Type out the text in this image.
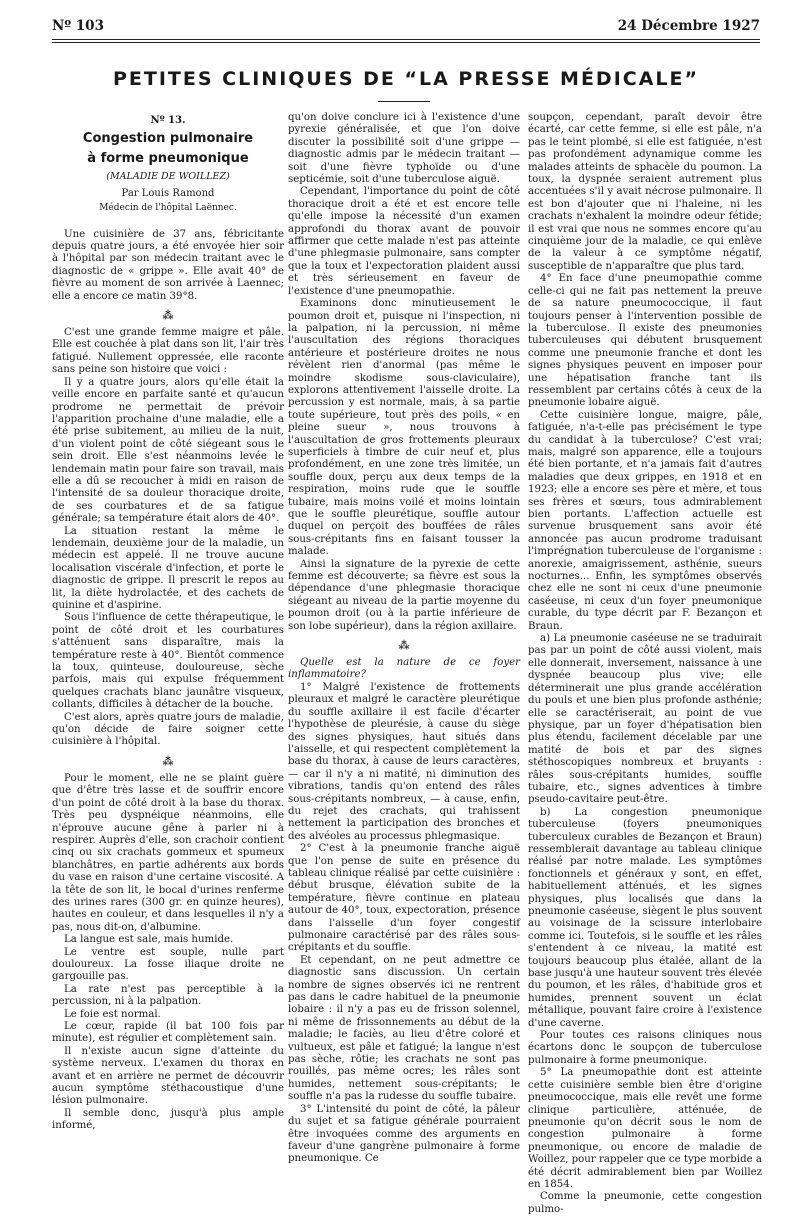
Nº 103	24 Décembre 1927
PETITES CLINIQUES DE “LA PRESSE MÉDICALE”
Nº 13.
Congestion pulmonaire
à forme pneumonique
(MALADIE DE WOILLEZ)
Par Louis Ramond
Médecin de l'hôpital Laënnec.

Une cuisinière de 37 ans, fébricitante depuis quatre jours, a été envoyée hier soir à l'hôpital par son médecin traitant avec le diagnostic de « grippe ». Elle avait 40° de fièvre au moment de son arrivée à Laennec; elle a encore ce matin 39°8.

⁂

C'est une grande femme maigre et pâle. Elle est couchée à plat dans son lit, l'air très fatigué. Nullement oppressée, elle raconte sans peine son histoire que voici :

Il y a quatre jours, alors qu'elle était la veille encore en parfaite santé et qu'aucun prodrome ne permettait de prévoir l'apparition prochaine d'une maladie, elle a été prise subitement, au milieu de la nuit, d'un violent point de côté siégeant sous le sein droit. Elle s'est néanmoins levée le lendemain matin pour faire son travail, mais elle a dû se recoucher à midi en raison de l'intensité de sa douleur thoracique droite, de ses courbatures et de sa fatigue générale; sa température était alors de 40°.

La situation restant la même le lendemain, deuxième jour de la maladie, un médecin est appelé. Il ne trouve aucune localisation viscérale d'infection, et porte le diagnostic de grippe. Il prescrit le repos au lit, la diète hydrolactée, et des cachets de quinine et d'aspirine.

Sous l'influence de cette thérapeutique, le point de côté droit et les courbatures s'atténuent sans disparaître, mais la température reste à 40°. Bientôt commence la toux, quinteuse, douloureuse, sèche parfois, mais qui expulse fréquemment quelques crachats blanc jaunâtre visqueux, collants, difficiles à détacher de la bouche.

C'est alors, après quatre jours de maladie, qu'on décide de faire soigner cette cuisinière à l'hôpital.

⁂

Pour le moment, elle ne se plaint guère que d'être très lasse et de souffrir encore d'un point de côté droit à la base du thorax. Très peu dyspnéique néanmoins, elle n'éprouve aucune gêne à parler ni à respirer. Auprès d'elle, son crachoir contient cinq ou six crachats gommeux et spumeux blanchâtres, en partie adhérents aux bords du vase en raison d'une certaine viscosité. A la tête de son lit, le bocal d'urines renferme des urines rares (300 gr. en quinze heures), hautes en couleur, et dans lesquelles il n'y a pas, nous dit-on, d'albumine.

La langue est sale, mais humide.

Le ventre est souple, nulle part douloureux. La fosse iliaque droite ne gargouille pas.

La rate n'est pas perceptible à la percussion, ni à la palpation.

Le foie est normal.

Le cœur, rapide (il bat 100 fois par minute), est régulier et complètement sain.

Il n'existe aucun signe d'atteinte du système nerveux. L'examen du thorax en avant et en arrière ne permet de découvrir aucun symptôme stéthacoustique d'une lésion pulmonaire.

Il semble donc, jusqu'à plus ample informé,

qu'on doive conclure ici à l'existence d'une pyrexie généralisée, et que l'on doive discuter la possibilité soit d'une grippe — diagnostic admis par le médecin traitant — soit d'une fièvre typhoïde ou d'une septicémie, soit d'une tuberculose aiguë.

Cependant, l'importance du point de côté thoracique droit a été et est encore telle qu'elle impose la nécessité d'un examen approfondi du thorax avant de pouvoir affirmer que cette malade n'est pas atteinte d'une phlegmasie pulmonaire, sans compter que la toux et l'expectoration plaident aussi et très sérieusement en faveur de l'existence d'une pneumopathie.

Examinons donc minutieusement le poumon droit et, puisque ni l'inspection, ni la palpation, ni la percussion, ni même l'auscultation des régions thoraciques antérieure et postérieure droites ne nous révèlent rien d'anormal (pas même le moindre skodisme sous-claviculaire), explorons attentivement l'aisselle droite. La percussion y est normale, mais, à sa partie toute supérieure, tout près des poils, « en pleine sueur », nous trouvons à l'auscultation de gros frottements pleuraux superficiels à timbre de cuir neuf et, plus profondément, en une zone très limitée, un souffle doux, perçu aux deux temps de la respiration, moins rude que le souffle tubaire, mais moins voilé et moins lointain que le souffle pleurétique, souffle autour duquel on perçoit des bouffées de râles sous-crépitants fins en faisant tousser la malade.

Ainsi la signature de la pyrexie de cette femme est découverte; sa fièvre est sous la dépendance d'une phlegmasie thoracique siégeant au niveau de la partie moyenne du poumon droit (ou à la partie inférieure de son lobe supérieur), dans la région axillaire.

⁂

Quelle est la nature de ce foyer inflammatoire?

1° Malgré l'existence de frottements pleuraux et malgré le caractère pleurétique du souffle axillaire il est facile d'écarter l'hypothèse de pleurésie, à cause du siège des signes physiques, haut situés dans l'aisselle, et qui respectent complètement la base du thorax, à cause de leurs caractères, — car il n'y a ni matité, ni diminution des vibrations, tandis qu'on entend des râles sous-crépitants nombreux, — à cause, enfin, du rejet des crachats, qui trahissent nettement la participation des bronches et des alvéoles au processus phlegmasique.

2° C'est à la pneumonie franche aiguë que l'on pense de suite en présence du tableau clinique réalisé par cette cuisinière : début brusque, élévation subite de la température, fièvre continue en plateau autour de 40°, toux, expectoration, présence dans l'aisselle d'un foyer congestif pulmonaire caractérisé par des râles sous-crépitants et du souffle.

Et cependant, on ne peut admettre ce diagnostic sans discussion. Un certain nombre de signes observés ici ne rentrent pas dans le cadre habituel de la pneumonie lobaire : il n'y a pas eu de frisson solennel, ni même de frissonnements au début de la maladie; le faciès, au lieu d'être coloré et vultueux, est pâle et fatigué; la langue n'est pas sèche, rôtie; les crachats ne sont pas rouillés, pas même ocres; les râles sont humides, nettement sous-crépitants; le souffle n'a pas la rudesse du souffle tubaire.

3° L'intensité du point de côté, la pâleur du sujet et sa fatigue générale pourraient être invoquées comme des arguments en faveur d'une gangrène pulmonaire à forme pneumonique. Ce

soupçon, cependant, paraît devoir être écarté, car cette femme, si elle est pâle, n'a pas le teint plombé, si elle est fatiguée, n'est pas profondément adynamique comme les malades atteints de sphacèle du poumon. La toux, la dyspnée seraient autrement plus accentuées s'il y avait nécrose pulmonaire. Il est bon d'ajouter que ni l'haleine, ni les crachats n'exhalent la moindre odeur fétide; il est vrai que nous ne sommes encore qu'au cinquième jour de la maladie, ce qui enlève de la valeur à ce symptôme négatif, susceptible de n'apparaître que plus tard.

4° En face d'une pneumopathie comme celle-ci qui ne fait pas nettement la preuve de sa nature pneumococcique, il faut toujours penser à l'intervention possible de la tuberculose. Il existe des pneumonies tuberculeuses qui débutent brusquement comme une pneumonie franche et dont les signes physiques peuvent en imposer pour une hépatisation franche tant ils ressemblent par certains côtés à ceux de la pneumonie lobaire aiguë.

Cette cuisinière longue, maigre, pâle, fatiguée, n'a-t-elle pas précisément le type du candidat à la tuberculose? C'est vrai; mais, malgré son apparence, elle a toujours été bien portante, et n'a jamais fait d'autres maladies que deux grippes, en 1918 et en 1923; elle a encore ses père et mère, et tous ses frères et sœurs, tous admirablement bien portants. L'affection actuelle est survenue brusquement sans avoir été annoncée pas aucun prodrome traduisant l'imprégnation tuberculeuse de l'organisme : anorexie, amaigrissement, asthénie, sueurs nocturnes... Enfin, les symptômes observés chez elle ne sont ni ceux d'une pneumonie caséeuse, ni ceux d'un foyer pneumonique curable, du type décrit par F. Bezançon et Braun.

a) La pneumonie caséeuse ne se traduirait pas par un point de côté aussi violent, mais elle donnerait, inversement, naissance à une dyspnée beaucoup plus vive; elle déterminerait une plus grande accélération du pouls et une bien plus profonde asthénie; elle se caractériserait, au point de vue physique, par un foyer d'hépatisation bien plus étendu, facilement décelable par une matité de bois et par des signes stéthoscopiques nombreux et bruyants : râles sous-crépitants humides, souffle tubaire, etc., signes adventices à timbre pseudo-cavitaire peut-être.

b) La congestion pneumonique tuberculeuse (foyers pneumoniques tuberculeux curables de Bezançon et Braun) ressemblerait davantage au tableau clinique réalisé par notre malade. Les symptômes fonctionnels et généraux y sont, en effet, habituellement atténués, et les signes physiques, plus localisés que dans la pneumonie caséeuse, siègent le plus souvent au voisinage de la scissure interlobaire comme ici. Toutefois, si le souffle et les râles s'entendent à ce niveau, la matité est toujours beaucoup plus étalée, allant de la base jusqu'à une hauteur souvent très élevée du poumon, et les râles, d'habitude gros et humides, prennent souvent un éclat métallique, pouvant faire croire à l'existence d'une caverne.

Pour toutes ces raisons cliniques nous écartons donc le soupçon de tuberculose pulmonaire à forme pneumonique.

5° La pneumopathie dont est atteinte cette cuisinière semble bien être d'origine pneumococcique, mais elle revêt une forme clinique particulière, atténuée, de pneumonie qu'on décrit sous le nom de congestion pulmonaire à forme pneumonique, ou encore de maladie de Woillez, pour rappeler que ce type morbide a été décrit admirablement bien par Woillez en 1854.

Comme la pneumonie, cette congestion pulmo-
